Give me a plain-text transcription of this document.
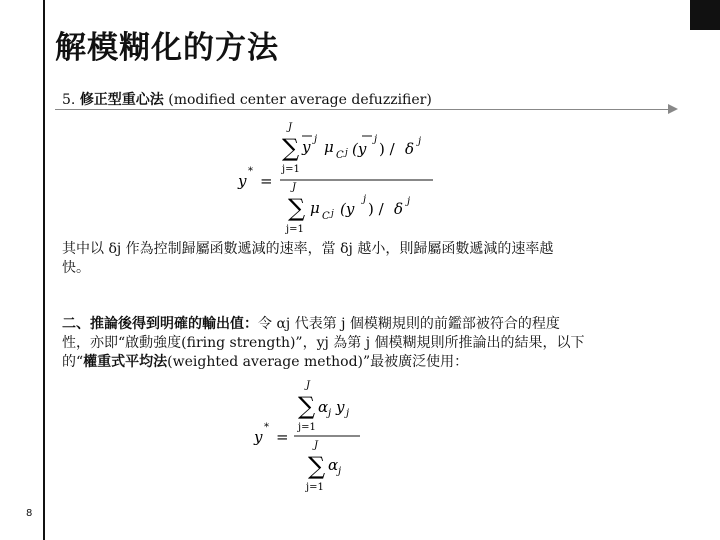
解模糊化的方法
5. 修正型重心法 (modified center average defuzzifier)
J
∑
j=1
y j μ C j (y
j
) / δ j
y
*
= J
∑
j=1
μ C j (y
j
) / δ j
其中以 δj 作為控制歸屬函數遞減的速率，當 δj 越小，則歸屬函數遞減的速率越
快。
二、推論後得到明確的輸出值：令 αj 代表第 j 個模糊規則的前鑑部被符合的程度
性，亦即“啟動強度(firing strength)”，yj 為第 j 個模糊規則所推論出的結果，以下
的“權重式平均法(weighted average method)”最被廣泛使用：
J
∑
j=1
α j y j
y
*
=	J
∑
j=1
α j
8
